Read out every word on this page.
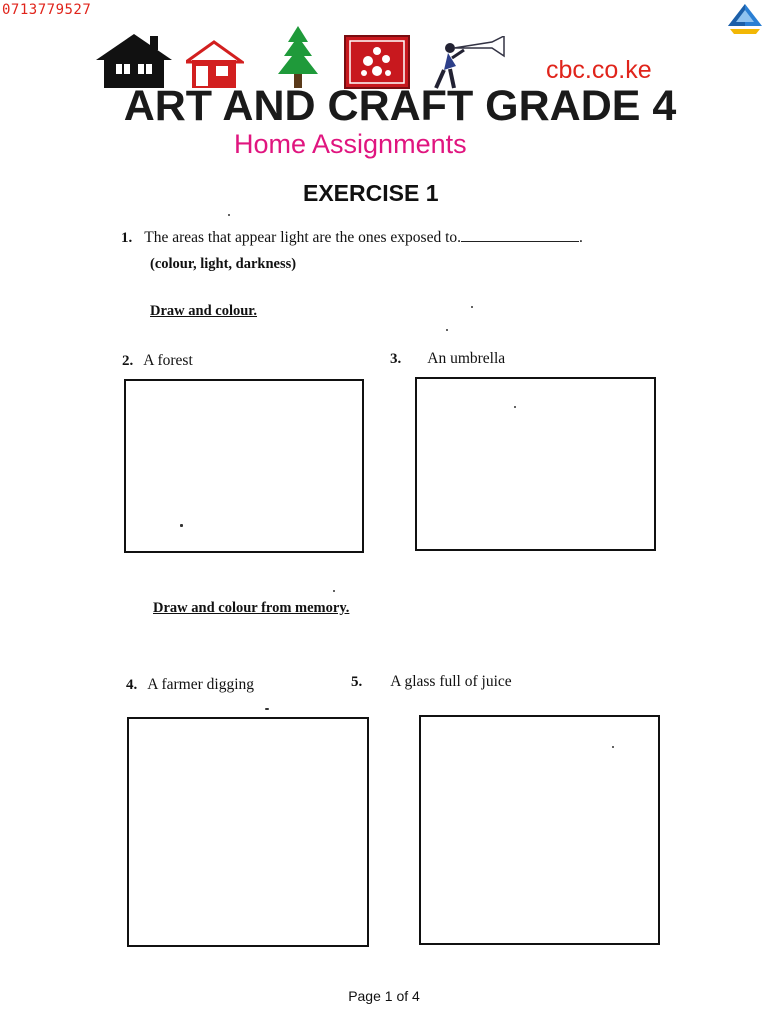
0713779527
cbc.co.ke
ART AND CRAFT GRADE 4
Home Assignments
EXERCISE 1
1. The areas that appear light are the ones exposed to.	.
(colour, light, darkness)
Draw and colour.
2. A forest	3. An umbrella
Draw and colour from memory.
4. A farmer digging	5. A glass full of juice
Page 1 of 4
